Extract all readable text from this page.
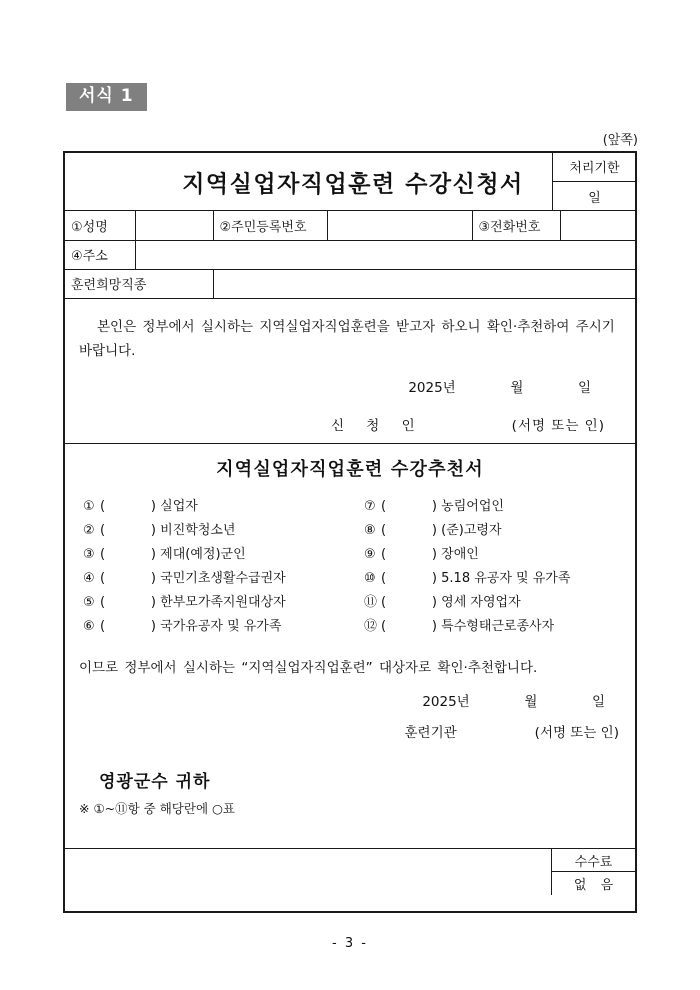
서식 1
(앞쪽)
지역실업자직업훈련 수강신청서
처리기한
일
①성명		②주민등록번호		③전화번호	
④주소					
훈련희망직종					
본인은 정부에서 실시하는 지역실업자직업훈련을 받고자 하오니 확인·추천하여 주시기 바랍니다.
2025년	월	일
신 청 인	(서명 또는 인)
지역실업자직업훈련 수강추천서
① (	) 실업자
② (	) 비진학청소년
③ (	) 제대(예정)군인
④ (	) 국민기초생활수급권자
⑤ (	) 한부모가족지원대상자
⑥ (	) 국가유공자 및 유가족
⑦ (	) 농림어업인
⑧ (	) (준)고령자
⑨ (	) 장애인
⑩ (	) 5.18 유공자 및 유가족
⑪ (	) 영세 자영업자
⑫ (	) 특수형태근로종사자
이므로 정부에서 실시하는 “지역실업자직업훈련” 대상자로 확인·추천합니다.
2025년	월	일
훈련기관	(서명 또는 인)
영광군수 귀하
※ ①~⑪항 중 해당란에 ○표
수수료
없 음
- 3 -
